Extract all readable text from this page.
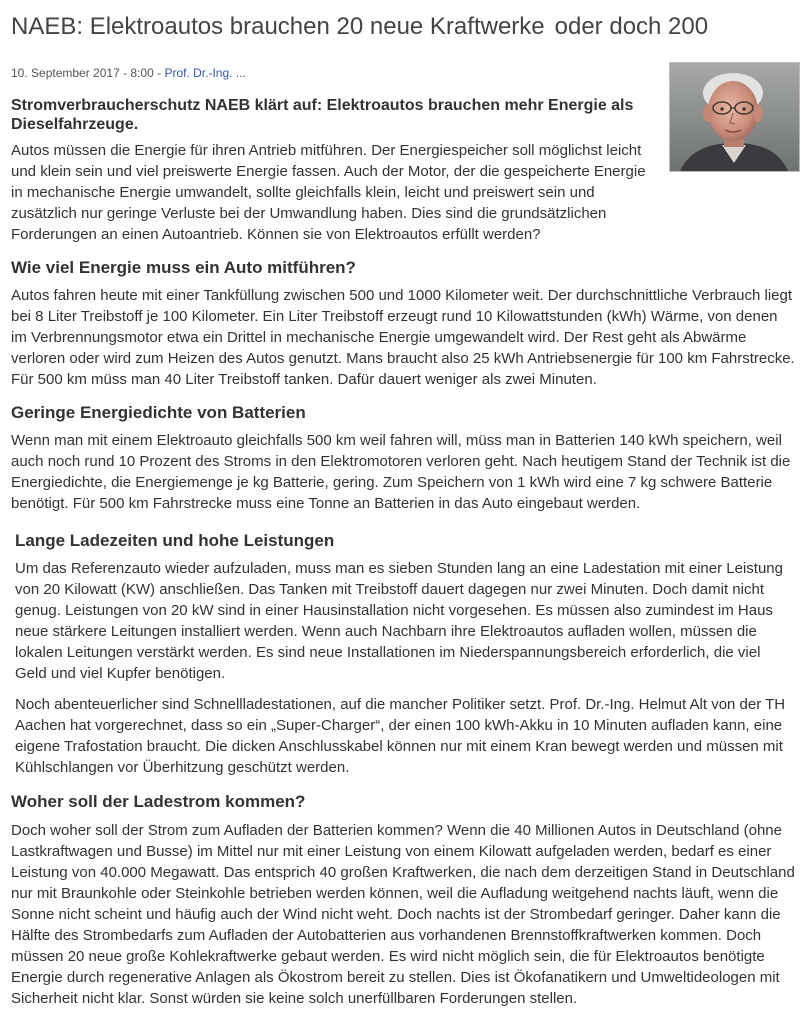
NAEB: Elektroautos brauchen 20 neue Kraftwerke oder doch 200
10. September 2017 - 8:00 - Prof. Dr.-Ing. ...
Stromverbraucherschutz NAEB klärt auf: Elektroautos brauchen mehr Energie als Dieselfahrzeuge.

Autos müssen die Energie für ihren Antrieb mitführen. Der Energiespeicher soll möglichst leicht und klein sein und viel preiswerte Energie fassen. Auch der Motor, der die gespeicherte Energie in mechanische Energie umwandelt, sollte gleichfalls klein, leicht und preiswert sein und zusätzlich nur geringe Verluste bei der Umwandlung haben. Dies sind die grundsätzlichen Forderungen an einen Autoantrieb. Können sie von Elektroautos erfüllt werden?

Wie viel Energie muss ein Auto mitführen?

Autos fahren heute mit einer Tankfüllung zwischen 500 und 1000 Kilometer weit. Der durchschnittliche Verbrauch liegt bei 8 Liter Treibstoff je 100 Kilometer. Ein Liter Treibstoff erzeugt rund 10 Kilowattstunden (kWh) Wärme, von denen im Verbrennungsmotor etwa ein Drittel in mechanische Energie umgewandelt wird. Der Rest geht als Abwärme verloren oder wird zum Heizen des Autos genutzt. Mans braucht also 25 kWh Antriebsenergie für 100 km Fahrstrecke. Für 500 km müss man 40 Liter Treibstoff tanken. Dafür dauert weniger als zwei Minuten.

Geringe Energiedichte von Batterien

Wenn man mit einem Elektroauto gleichfalls 500 km weil fahren will, müss man in Batterien 140 kWh speichern, weil auch noch rund 10 Prozent des Stroms in den Elektromotoren verloren geht. Nach heutigem Stand der Technik ist die Energiedichte, die Energiemenge je kg Batterie, gering. Zum Speichern von 1 kWh wird eine 7 kg schwere Batterie benötigt. Für 500 km Fahrstrecke muss eine Tonne an Batterien in das Auto eingebaut werden.

Lange Ladezeiten und hohe Leistungen

Um das Referenzauto wieder aufzuladen, muss man es sieben Stunden lang an eine Ladestation mit einer Leistung von 20 Kilowatt (KW) anschließen. Das Tanken mit Treibstoff dauert dagegen nur zwei Minuten. Doch damit nicht genug. Leistungen von 20 kW sind in einer Hausinstallation nicht vorgesehen. Es müssen also zumindest im Haus neue stärkere Leitungen installiert werden. Wenn auch Nachbarn ihre Elektroautos aufladen wollen, müssen die lokalen Leitungen verstärkt werden. Es sind neue Installationen im Niederspannungsbereich erforderlich, die viel Geld und viel Kupfer benötigen.

Noch abenteuerlicher sind Schnellladestationen, auf die mancher Politiker setzt. Prof. Dr.-Ing. Helmut Alt von der TH Aachen hat vorgerechnet, dass so ein „Super-Charger“, der einen 100 kWh-Akku in 10 Minuten aufladen kann, eine eigene Trafostation braucht. Die dicken Anschlusskabel können nur mit einem Kran bewegt werden und müssen mit Kühlschlangen vor Überhitzung geschützt werden.

Woher soll der Ladestrom kommen?

Doch woher soll der Strom zum Aufladen der Batterien kommen? Wenn die 40 Millionen Autos in Deutschland (ohne Lastkraftwagen und Busse) im Mittel nur mit einer Leistung von einem Kilowatt aufgeladen werden, bedarf es einer Leistung von 40.000 Megawatt. Das entsprich 40 großen Kraftwerken, die nach dem derzeitigen Stand in Deutschland nur mit Braunkohle oder Steinkohle betrieben werden können, weil die Aufladung weitgehend nachts läuft, wenn die Sonne nicht scheint und häufig auch der Wind nicht weht. Doch nachts ist der Strombedarf geringer. Daher kann die Hälfte des Strombedarfs zum Aufladen der Autobatterien aus vorhandenen Brennstoffkraftwerken kommen. Doch müssen 20 neue große Kohlekraftwerke gebaut werden. Es wird nicht möglich sein, die für Elektroautos benötigte Energie durch regenerative Anlagen als Ökostrom bereit zu stellen. Dies ist Ökofanatikern und Umweltideologen mit Sicherheit nicht klar. Sonst würden sie keine solch unerfüllbaren Forderungen stellen.
